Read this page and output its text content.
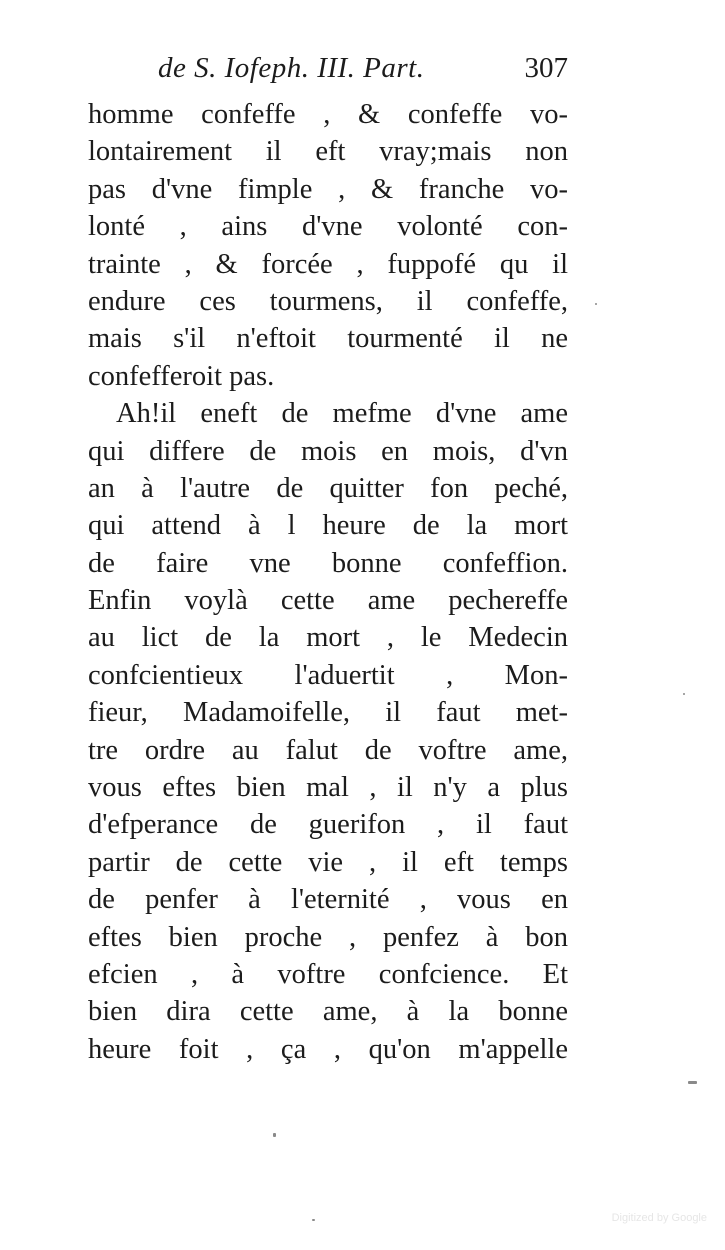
de S. Iofeph. III. Part.	307
homme confeffe , & confeffe vo-
lontairement il eft vray;mais non
pas d'vne fimple , & franche vo-
lonté , ains d'vne volonté con-
trainte , & forcée , fuppofé qu il
endure ces tourmens, il confeffe,
mais s'il n'eftoit tourmenté il ne
confefferoit pas.
Ah!il eneft de mefme d'vne ame
qui differe de mois en mois, d'vn
an à l'autre de quitter fon peché,
qui attend à l heure de la mort
de faire vne bonne confeffion.
Enfin voylà cette ame pechereffe
au lict de la mort , le Medecin
confcientieux l'aduertit , Mon-
fieur, Madamoifelle, il faut met-
tre ordre au falut de voftre ame,
vous eftes bien mal , il n'y a plus
d'efperance de guerifon , il faut
partir de cette vie , il eft temps
de penfer à l'eternité , vous en
eftes bien proche , penfez à bon
efcien , à voftre confcience. Et
bien dira cette ame, à la bonne
heure foit , ça , qu'on m'appelle
Digitized by Google
